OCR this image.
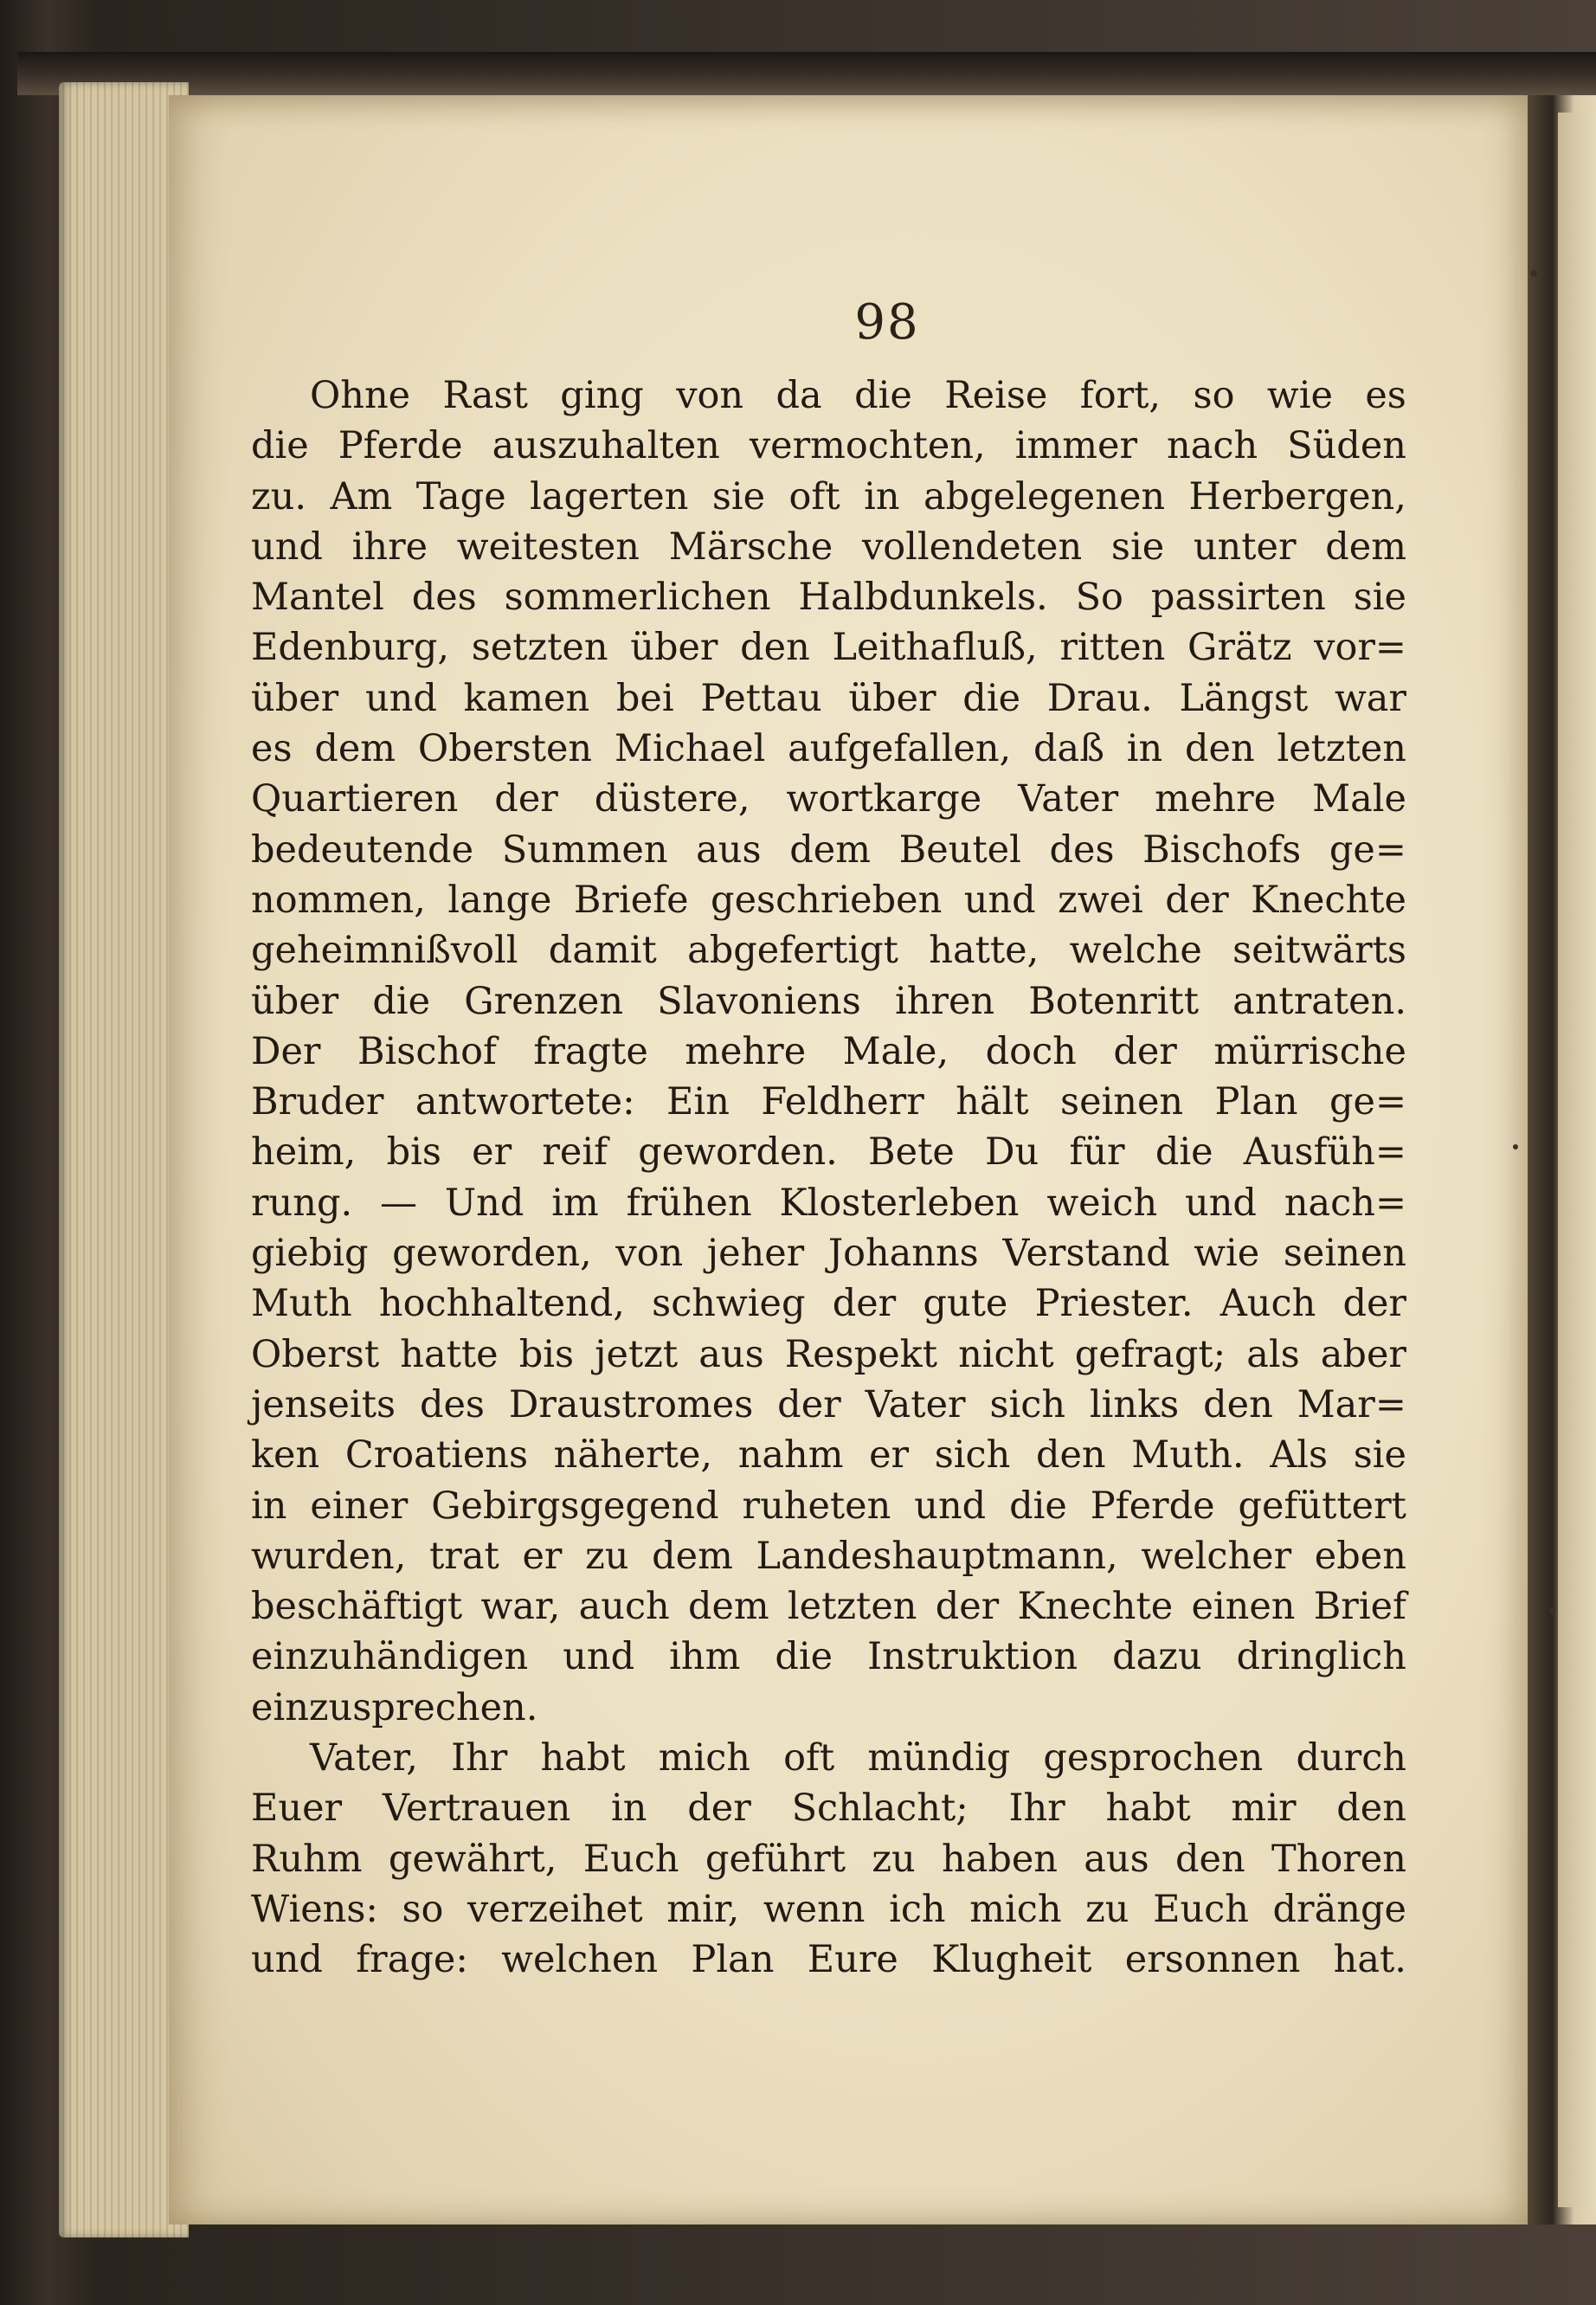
98
Ohne Rast ging von da die Reise fort, so wie es
die Pferde auszuhalten vermochten, immer nach Süden
zu. Am Tage lagerten sie oft in abgelegenen Herbergen,
und ihre weitesten Märsche vollendeten sie unter dem
Mantel des sommerlichen Halbdunkels. So passirten sie
Edenburg, setzten über den Leithafluß, ritten Grätz vor=
über und kamen bei Pettau über die Drau. Längst war
es dem Obersten Michael aufgefallen, daß in den letzten
Quartieren der düstere, wortkarge Vater mehre Male
bedeutende Summen aus dem Beutel des Bischofs ge=
nommen, lange Briefe geschrieben und zwei der Knechte
geheimnißvoll damit abgefertigt hatte, welche seitwärts
über die Grenzen Slavoniens ihren Botenritt antraten.
Der Bischof fragte mehre Male, doch der mürrische
Bruder antwortete: Ein Feldherr hält seinen Plan ge=
heim, bis er reif geworden. Bete Du für die Ausfüh=
rung. — Und im frühen Klosterleben weich und nach=
giebig geworden, von jeher Johanns Verstand wie seinen
Muth hochhaltend, schwieg der gute Priester. Auch der
Oberst hatte bis jetzt aus Respekt nicht gefragt; als aber
jenseits des Draustromes der Vater sich links den Mar=
ken Croatiens näherte, nahm er sich den Muth. Als sie
in einer Gebirgsgegend ruheten und die Pferde gefüttert
wurden, trat er zu dem Landeshauptmann, welcher eben
beschäftigt war, auch dem letzten der Knechte einen Brief
einzuhändigen und ihm die Instruktion dazu dringlich
einzusprechen.
Vater, Ihr habt mich oft mündig gesprochen durch
Euer Vertrauen in der Schlacht; Ihr habt mir den
Ruhm gewährt, Euch geführt zu haben aus den Thoren
Wiens: so verzeihet mir, wenn ich mich zu Euch dränge
und frage: welchen Plan Eure Klugheit ersonnen hat.
